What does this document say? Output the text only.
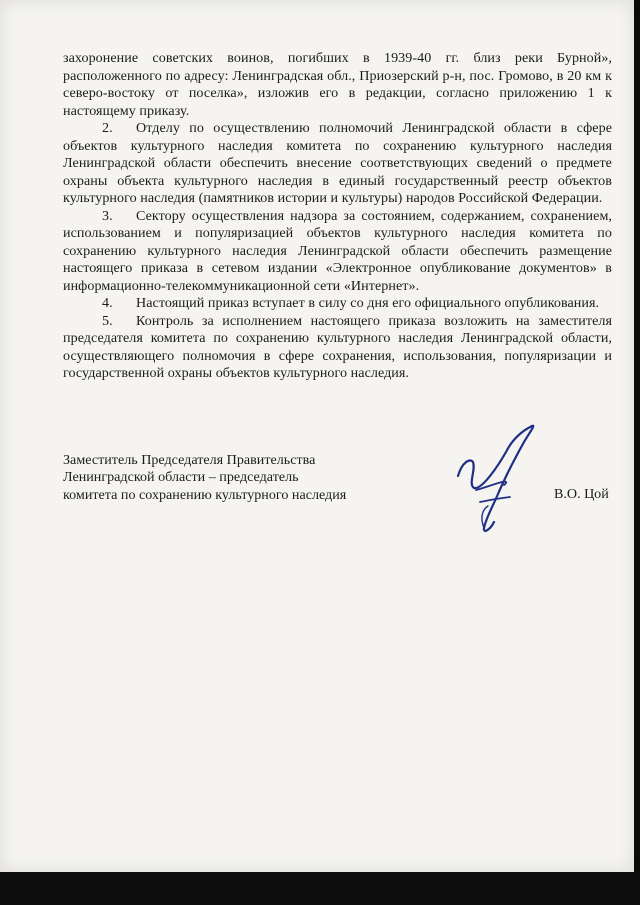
захоронение советских воинов, погибших в 1939-40 гг. близ реки Бурной», расположенного по адресу: Ленинградская обл., Приозерский р-н, пос. Громово, в 20 км к северо-востоку от поселка», изложив его в редакции, согласно приложению 1 к настоящему приказу.

2. Отделу по осуществлению полномочий Ленинградской области в сфере объектов культурного наследия комитета по сохранению культурного наследия Ленинградской области обеспечить внесение соответствующих сведений о предмете охраны объекта культурного наследия в единый государственный реестр объектов культурного наследия (памятников истории и культуры) народов Российской Федерации.

3. Сектору осуществления надзора за состоянием, содержанием, сохранением, использованием и популяризацией объектов культурного наследия комитета по сохранению культурного наследия Ленинградской области обеспечить размещение настоящего приказа в сетевом издании «Электронное опубликование документов» в информационно-телекоммуникационной сети «Интернет».

4. Настоящий приказ вступает в силу со дня его официального опубликования.

5. Контроль за исполнением настоящего приказа возложить на заместителя председателя комитета по сохранению культурного наследия Ленинградской области, осуществляющего полномочия в сфере сохранения, использования, популяризации и государственной охраны объектов культурного наследия.

Заместитель Председателя Правительства
Ленинградской области – председатель
комитета по сохранению культурного наследия	В.О. Цой
